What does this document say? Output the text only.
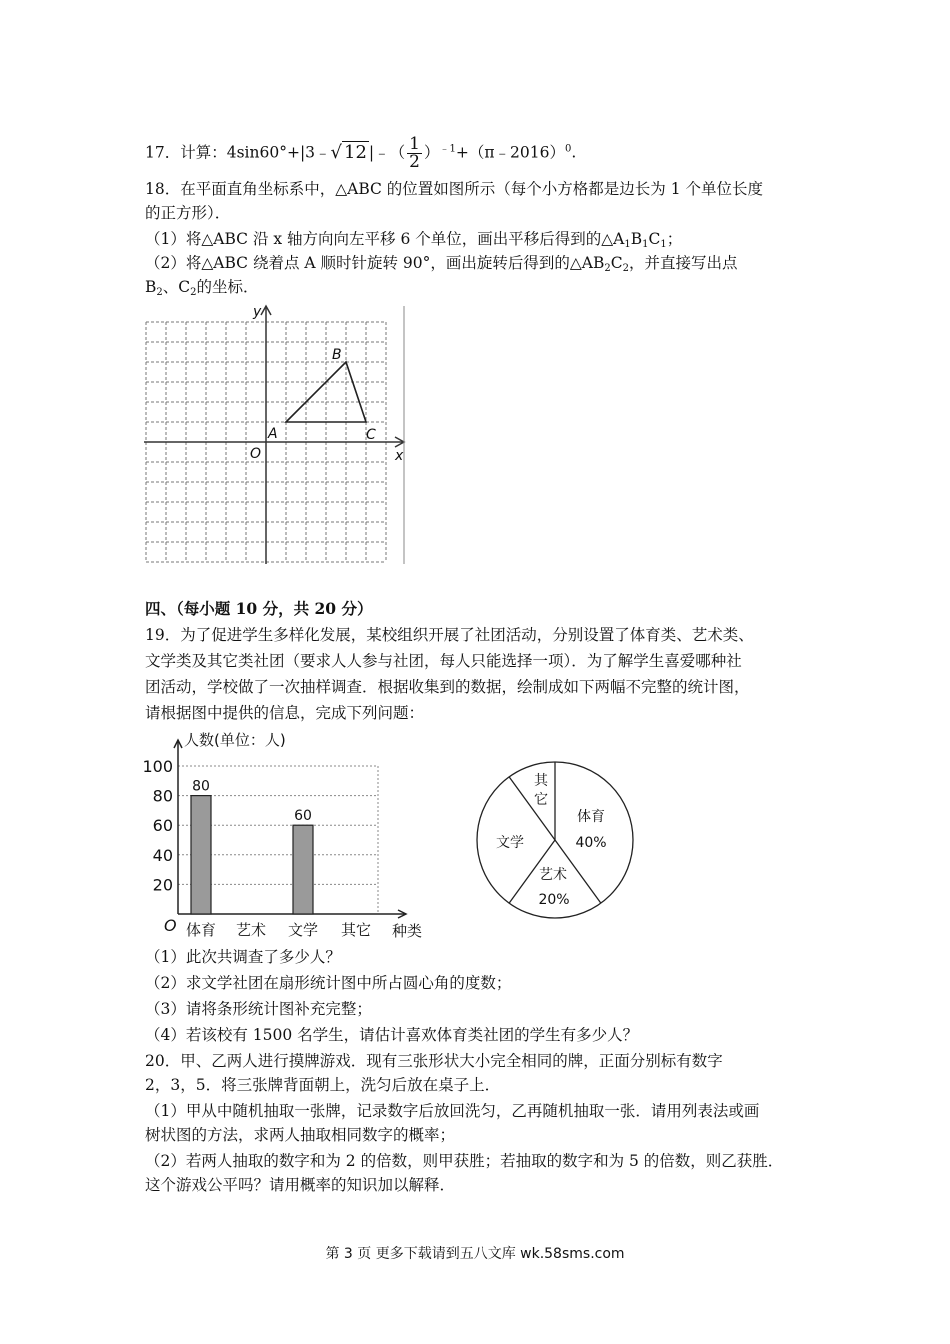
17．计算：4sin60°+|3﹣√ 12 |﹣（ $\frac{1}{2}$ ）$^{﹣1}$+（π﹣2016）$^0$.
18．在平面直角坐标系中，△ABC 的位置如图所示（每个小方格都是边长为 1 个单位长度
的正方形）．
（1）将△ABC 沿 x 轴方向向左平移 6 个单位，画出平移后得到的$\triangle A_1B_1C_1$；
（2）将△ABC 绕着点 A 顺时针旋转 90°，画出旋转后得到的$\triangle AB_2C_2$，并直接写出点
$B_2$、$C_2$的坐标．
y
x
O
A
B
C
四、（每小题 10 分，共 20 分）
19．为了促进学生多样化发展，某校组织开展了社团活动，分别设置了体育类、艺术类、
文学类及其它类社团（要求人人参与社团，每人只能选择一项）．为了解学生喜爱哪种社
团活动，学校做了一次抽样调查．根据收集到的数据，绘制成如下两幅不完整的统计图，
请根据图中提供的信息，完成下列问题：
20
40
60
80
100
人数(单位：人)
O	种类
体育
80
艺术 文学
60
其它
体育
40%
艺术
20%
文学
其
它
（1）此次共调查了多少人？
（2）求文学社团在扇形统计图中所占圆心角的度数；
（3）请将条形统计图补充完整；
（4）若该校有 1500 名学生，请估计喜欢体育类社团的学生有多少人？
20．甲、乙两人进行摸牌游戏．现有三张形状大小完全相同的牌，正面分别标有数字
2，3，5．将三张牌背面朝上，洗匀后放在桌子上．
（1）甲从中随机抽取一张牌，记录数字后放回洗匀，乙再随机抽取一张．请用列表法或画
树状图的方法，求两人抽取相同数字的概率；
（2）若两人抽取的数字和为 2 的倍数，则甲获胜；若抽取的数字和为 5 的倍数，则乙获胜．
这个游戏公平吗？请用概率的知识加以解释．
第 3 页 更多下载请到五八文库 wk.58sms.com
